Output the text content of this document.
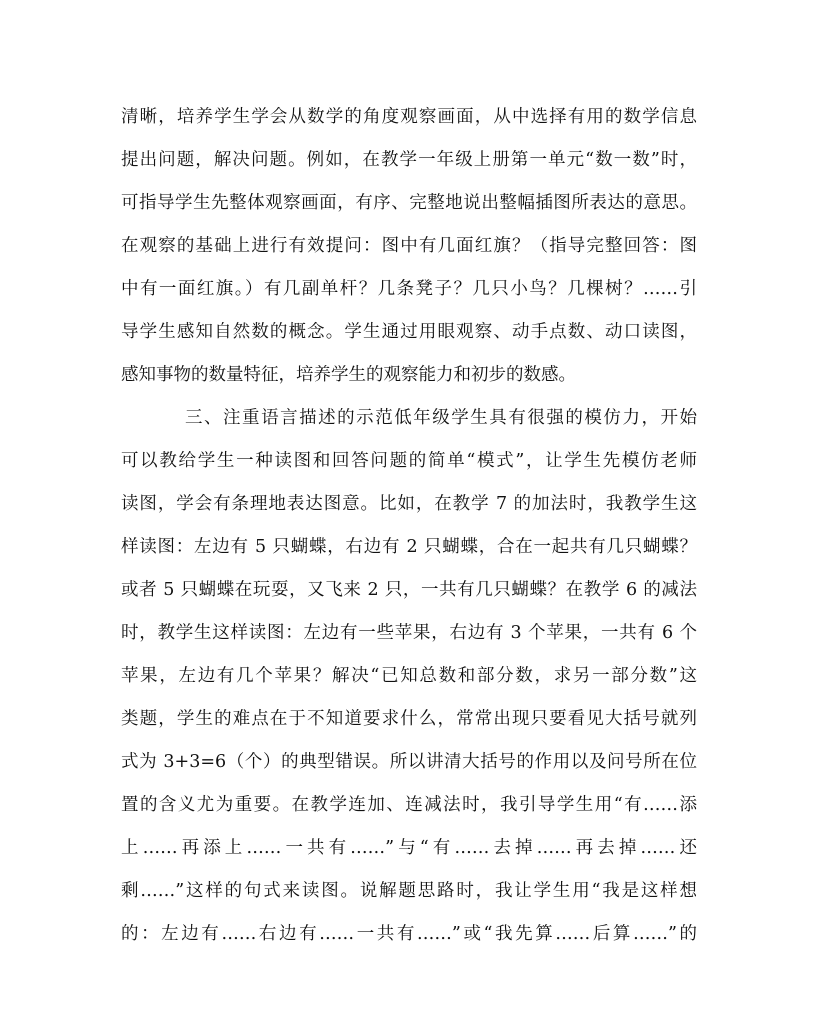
清晰，培养学生学会从数学的角度观察画面，从中选择有用的数学信息
提出问题，解决问题。例如，在教学一年级上册第一单元“数一数”时，
可指导学生先整体观察画面，有序、完整地说出整幅插图所表达的意思。
在观察的基础上进行有效提问：图中有几面红旗？（指导完整回答：图
中有一面红旗。）有几副单杆？几条凳子？几只小鸟？几棵树？……引
导学生感知自然数的概念。学生通过用眼观察、动手点数、动口读图，
感知事物的数量特征，培养学生的观察能力和初步的数感。
三、注重语言描述的示范低年级学生具有很强的模仿力，开始
可以教给学生一种读图和回答问题的简单“模式”，让学生先模仿老师
读图，学会有条理地表达图意。比如，在教学 7 的加法时，我教学生这
样读图：左边有 5 只蝴蝶，右边有 2 只蝴蝶，合在一起共有几只蝴蝶？
或者 5 只蝴蝶在玩耍，又飞来 2 只，一共有几只蝴蝶？在教学 6 的减法
时，教学生这样读图：左边有一些苹果，右边有 3 个苹果，一共有 6 个
苹果，左边有几个苹果？解决“已知总数和部分数，求另一部分数”这
类题，学生的难点在于不知道要求什么，常常出现只要看见大括号就列
式为 3+3=6（个）的典型错误。所以讲清大括号的作用以及问号所在位
置的含义尤为重要。在教学连加、连减法时，我引导学生用“有……添
上……再添上……一共有……”与“有……去掉……再去掉……还
剩……”这样的句式来读图。说解题思路时，我让学生用“我是这样想
的：左边有……右边有……一共有……”或“我先算……后算……”的
